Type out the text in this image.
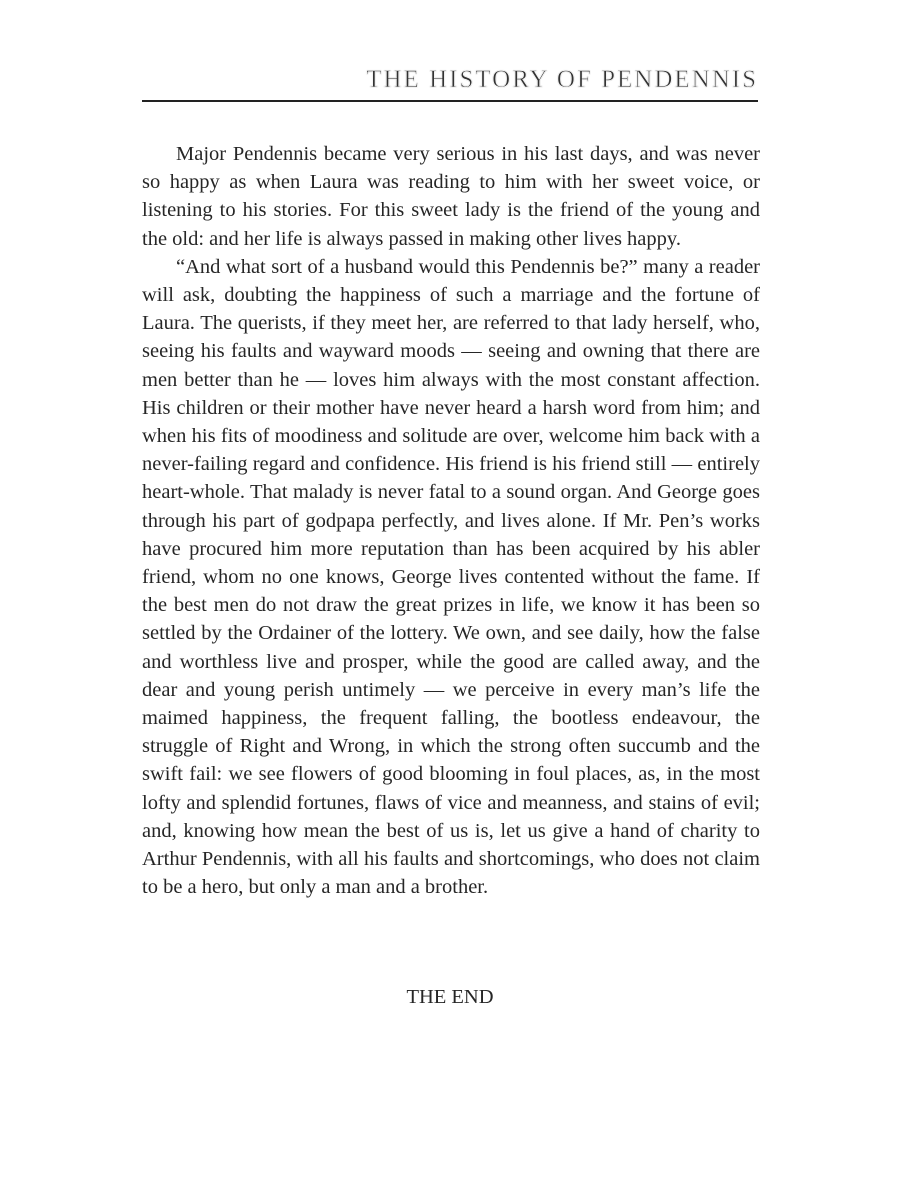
THE HISTORY OF PENDENNIS

Major Pendennis became very serious in his last days, and was never so happy as when Laura was reading to him with her sweet voice, or listening to his stories. For this sweet lady is the friend of the young and the old: and her life is always passed in making other lives happy.

“And what sort of a husband would this Pendennis be?” many a reader will ask, doubting the happiness of such a marriage and the fortune of Laura. The querists, if they meet her, are referred to that lady herself, who, seeing his faults and wayward moods — seeing and owning that there are men better than he — loves him always with the most constant affection. His children or their mother have never heard a harsh word from him; and when his fits of moodiness and solitude are over, welcome him back with a never-failing regard and confidence. His friend is his friend still — entirely heart-whole. That malady is never fatal to a sound organ. And George goes through his part of godpapa perfectly, and lives alone. If Mr. Pen’s works have procured him more reputation than has been acquired by his abler friend, whom no one knows, George lives contented without the fame. If the best men do not draw the great prizes in life, we know it has been so settled by the Ordainer of the lottery. We own, and see daily, how the false and worthless live and prosper, while the good are called away, and the dear and young perish untimely — we perceive in every man’s life the maimed happiness, the frequent falling, the bootless endeavour, the struggle of Right and Wrong, in which the strong often succumb and the swift fail: we see flowers of good blooming in foul places, as, in the most lofty and splendid fortunes, flaws of vice and meanness, and stains of evil; and, knowing how mean the best of us is, let us give a hand of charity to Arthur Pendennis, with all his faults and shortcomings, who does not claim to be a hero, but only a man and a brother.

THE END
